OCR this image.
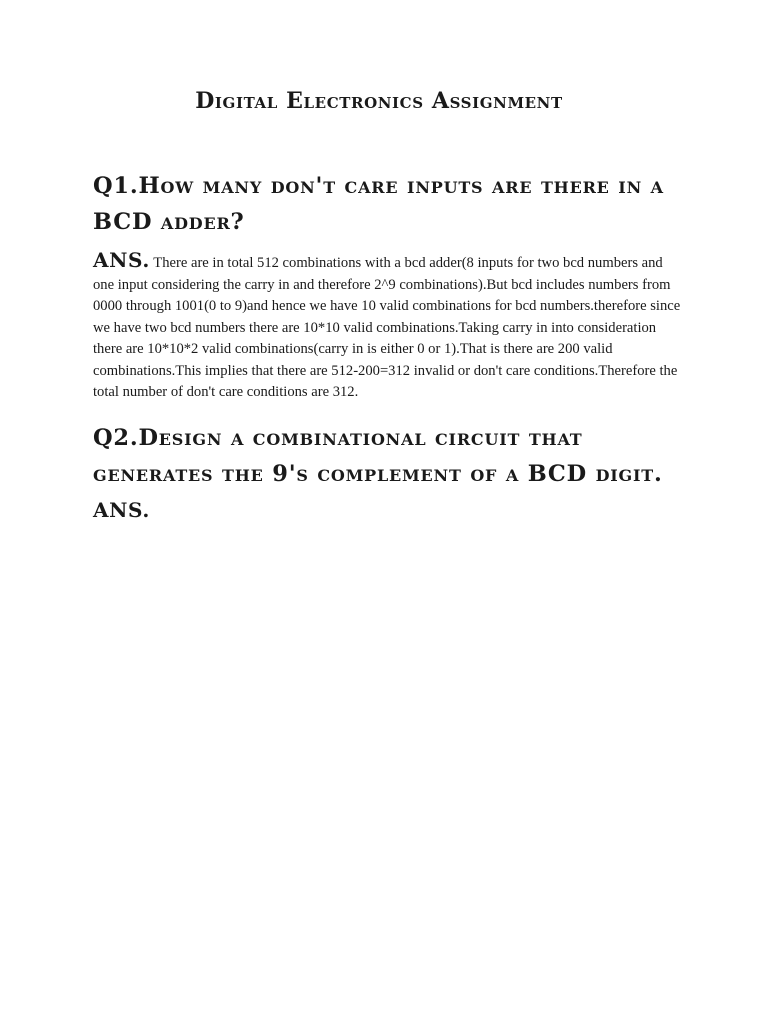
Digital Electronics Assignment

Q1.How many don't care inputs are there in a BCD adder?

ANS. There are in total 512 combinations with a bcd adder(8 inputs for two bcd numbers and one input considering the carry in and therefore 2^9 combinations).But bcd includes numbers from 0000 through 1001(0 to 9)and hence we have 10 valid combinations for bcd numbers.therefore since we have two bcd numbers there are 10*10 valid combinations.Taking carry in into consideration there are 10*10*2 valid combinations(carry in is either 0 or 1).That is there are 200 valid combinations.This implies that there are 512-200=312 invalid or don't care conditions.Therefore the total number of don't care conditions are 312.

Q2.Design a combinational circuit that generates the 9's complement of a BCD digit.

ANS.
